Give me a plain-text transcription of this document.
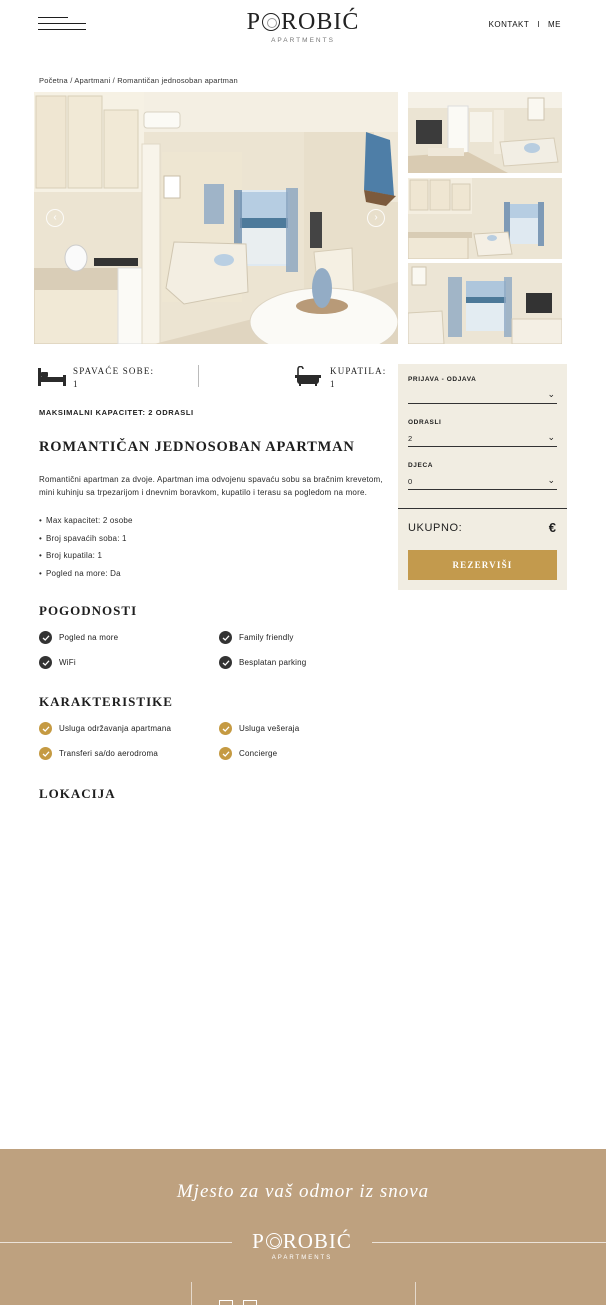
P ROBIĆ
APARTMENTS
KONTAKT I ME
Početna / Apartmani / Romantičan jednosoban apartman
‹	›
SPAVAĆE SOBE:
1
KUPATILA:
1
MAKSIMALNI KAPACITET: 2 ODRASLI
ROMANTIČAN JEDNOSOBAN APARTMAN

Romantični apartman za dvoje. Apartman ima odvojenu spavaću sobu sa bračnim krevetom, mini kuhinju sa trpezarijom i dnevnim boravkom, kupatilo i terasu sa pogledom na more.

• Max kapacitet: 2 osobe
• Broj spavaćih soba: 1
• Broj kupatila: 1
• Pogled na more: Da
POGODNOSTI
Pogled na more	Family friendly
WiFi	Besplatan parking
KARAKTERISTIKE
Usluga održavanja apartmana	Usluga vešeraja
Transferi sa/do aerodroma	Concierge
LOKACIJA
PRIJAVA - ODJAVA
⌄
ODRASLI
2	⌄
DJECA
0	⌄
UKUPNO:	€
REZERVIŠI
Mjesto za vaš odmor iz snova
P ROBIĆ
APARTMENTS
